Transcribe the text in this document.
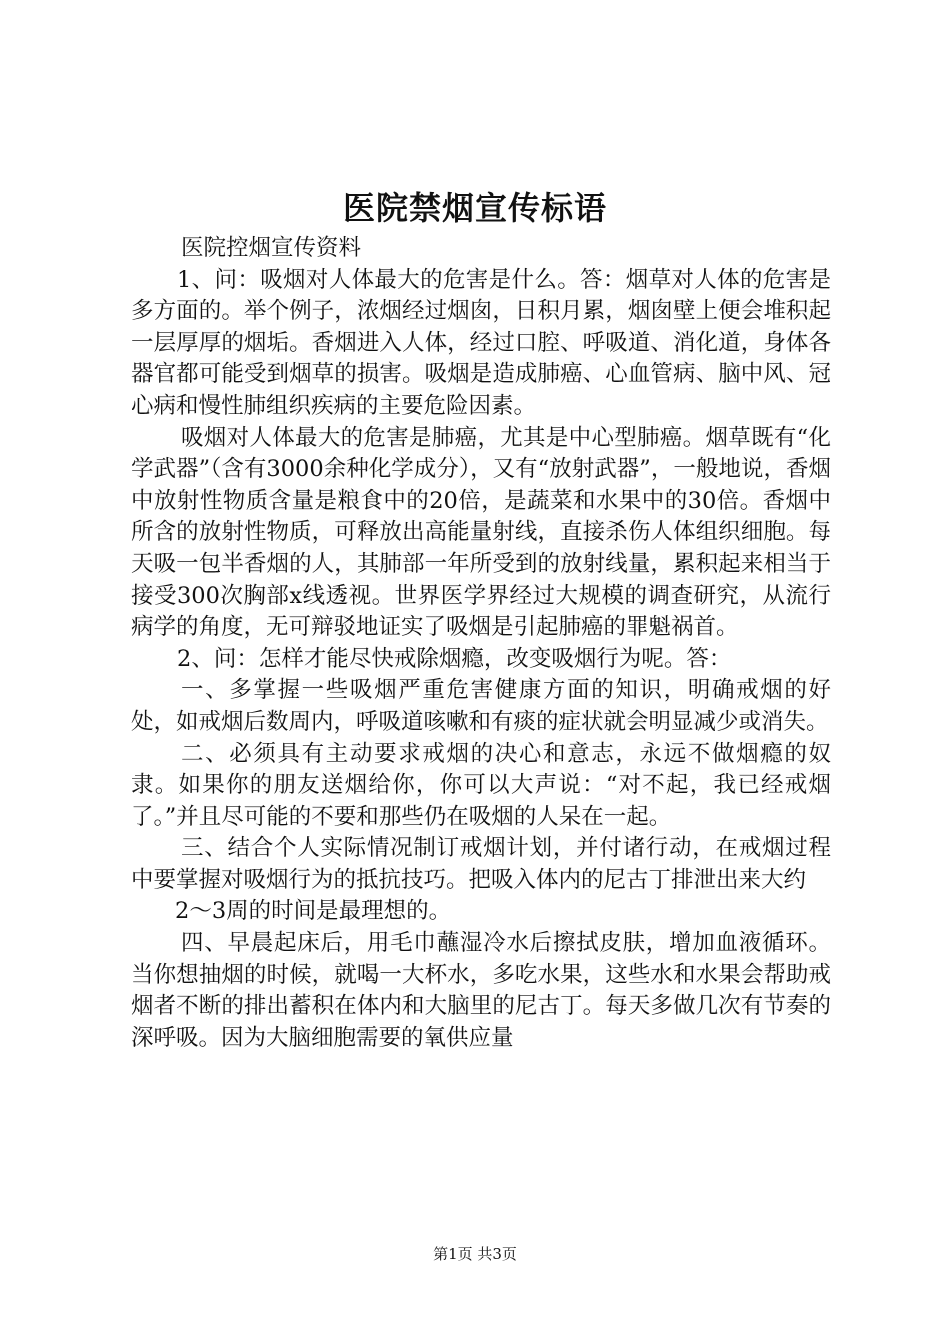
医院禁烟宣传标语

医院控烟宣传资料

1、问：吸烟对人体最大的危害是什么。答：烟草对人体的危害是多方面的。举个例子，浓烟经过烟囱，日积月累，烟囱壁上便会堆积起一层厚厚的烟垢。香烟进入人体，经过口腔、呼吸道、消化道，身体各器官都可能受到烟草的损害。吸烟是造成肺癌、心血管病、脑中风、冠心病和慢性肺组织疾病的主要危险因素。

吸烟对人体最大的危害是肺癌，尤其是中心型肺癌。烟草既有“化学武器”（含有3000余种化学成分），又有“放射武器”，一般地说，香烟中放射性物质含量是粮食中的20倍，是蔬菜和水果中的30倍。香烟中所含的放射性物质，可释放出高能量射线，直接杀伤人体组织细胞。每天吸一包半香烟的人，其肺部一年所受到的放射线量，累积起来相当于接受300次胸部x线透视。世界医学界经过大规模的调查研究，从流行病学的角度，无可辩驳地证实了吸烟是引起肺癌的罪魁祸首。

2、问：怎样才能尽快戒除烟瘾，改变吸烟行为呢。答：

一、多掌握一些吸烟严重危害健康方面的知识，明确戒烟的好处，如戒烟后数周内，呼吸道咳嗽和有痰的症状就会明显减少或消失。

二、必须具有主动要求戒烟的决心和意志，永远不做烟瘾的奴隶。如果你的朋友送烟给你，你可以大声说：“对不起，我已经戒烟了。”并且尽可能的不要和那些仍在吸烟的人呆在一起。

三、结合个人实际情况制订戒烟计划，并付诸行动，在戒烟过程中要掌握对吸烟行为的抵抗技巧。把吸入体内的尼古丁排泄出来大约

2～3周的时间是最理想的。

四、早晨起床后，用毛巾蘸湿冷水后擦拭皮肤，增加血液循环。当你想抽烟的时候，就喝一大杯水，多吃水果，这些水和水果会帮助戒烟者不断的排出蓄积在体内和大脑里的尼古丁。每天多做几次有节奏的深呼吸。因为大脑细胞需要的氧供应量

第1页 共3页
